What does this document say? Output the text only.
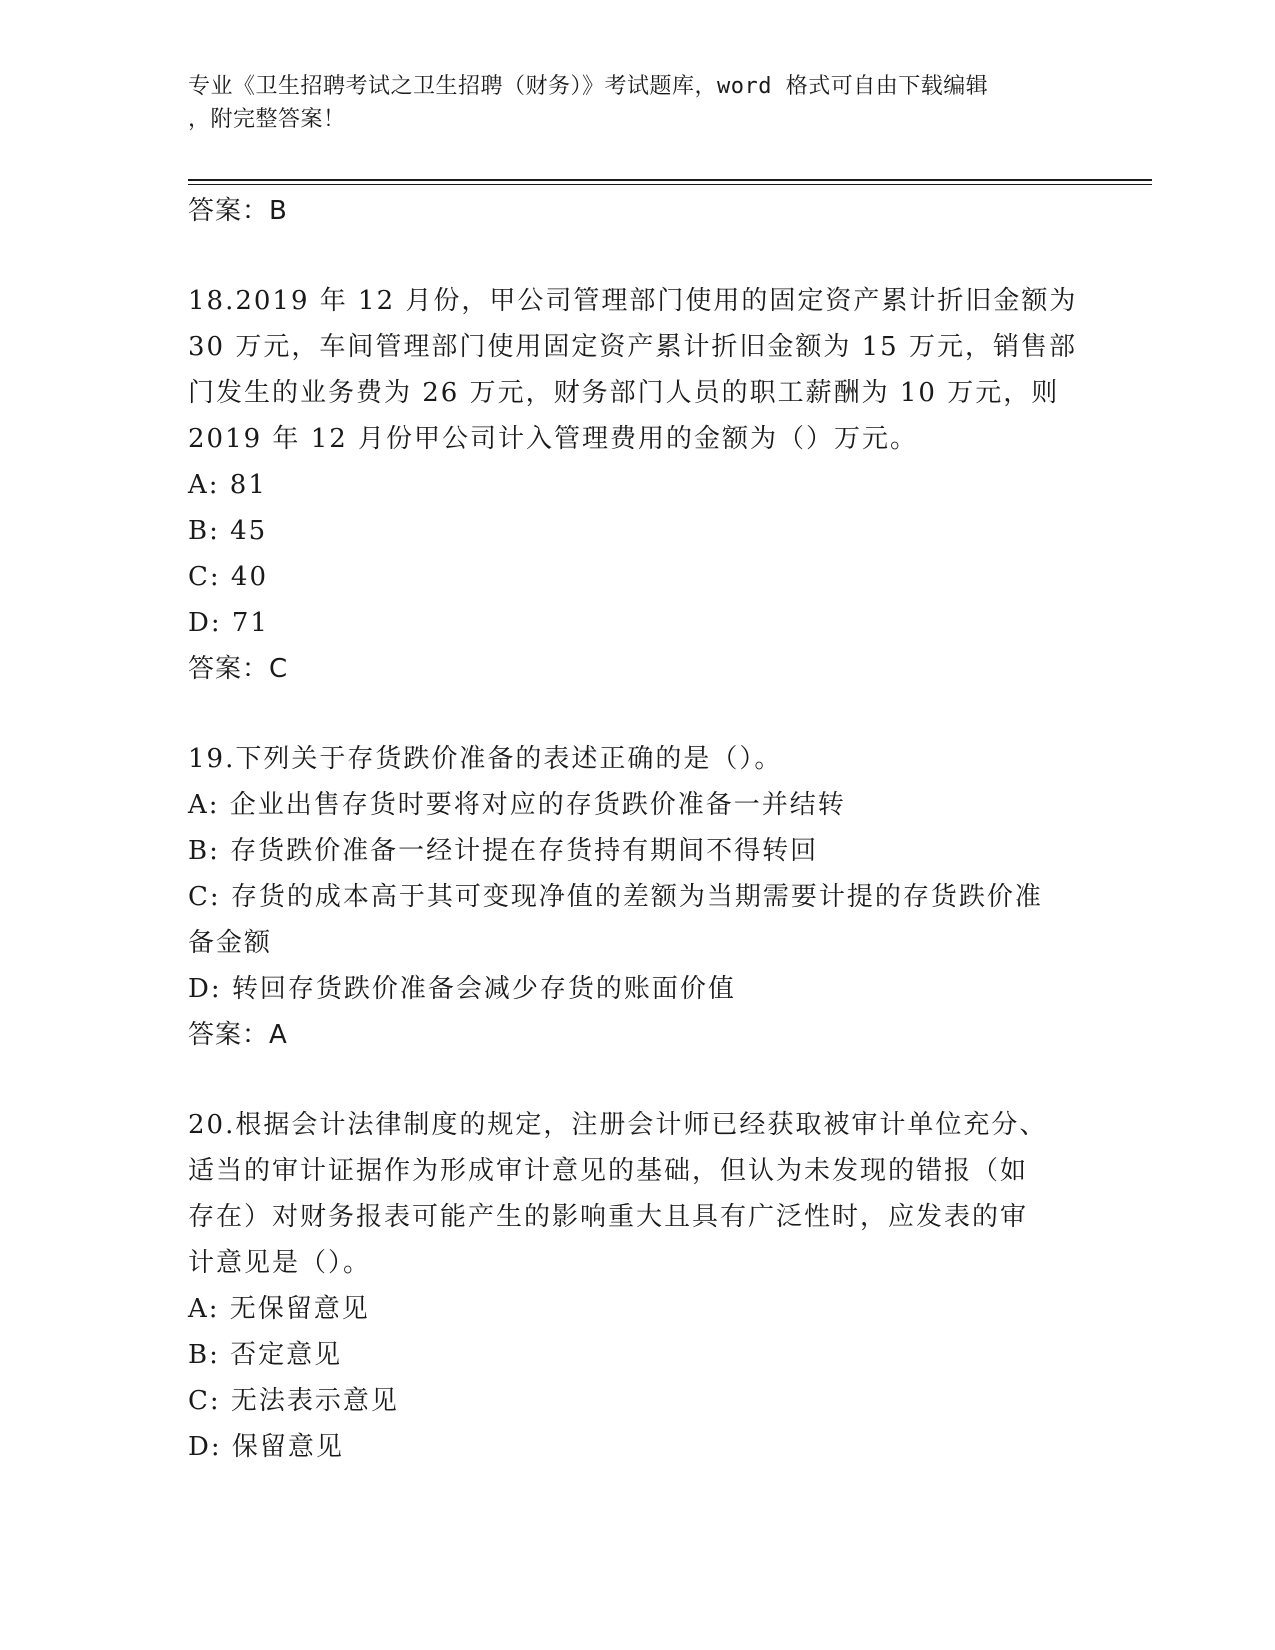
专业《卫生招聘考试之卫生招聘（财务）》考试题库，word 格式可自由下载编辑
，附完整答案！
答案：B
18.2019 年 12 月份，甲公司管理部门使用的固定资产累计折旧金额为
30 万元，车间管理部门使用固定资产累计折旧金额为 15 万元，销售部
门发生的业务费为 26 万元，财务部门人员的职工薪酬为 10 万元，则
2019 年 12 月份甲公司计入管理费用的金额为（）万元。
A: 81
B: 45
C: 40
D: 71
答案：C
19.下列关于存货跌价准备的表述正确的是（）。
A: 企业出售存货时要将对应的存货跌价准备一并结转
B: 存货跌价准备一经计提在存货持有期间不得转回
C: 存货的成本高于其可变现净值的差额为当期需要计提的存货跌价准
备金额
D: 转回存货跌价准备会减少存货的账面价值
答案：A
20.根据会计法律制度的规定，注册会计师已经获取被审计单位充分、
适当的审计证据作为形成审计意见的基础，但认为未发现的错报（如
存在）对财务报表可能产生的影响重大且具有广泛性时，应发表的审
计意见是（）。
A: 无保留意见
B: 否定意见
C: 无法表示意见
D: 保留意见
